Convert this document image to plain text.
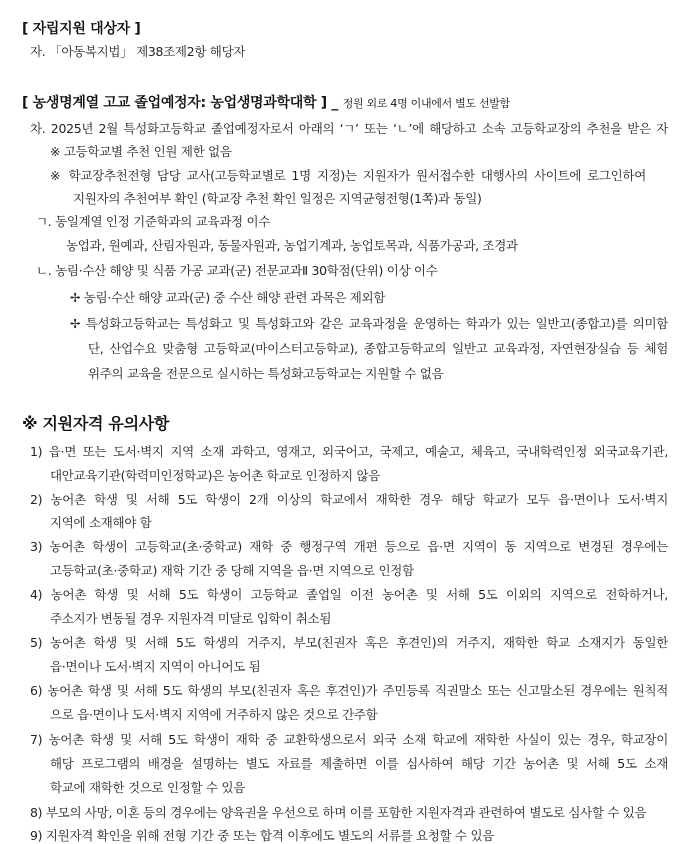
[ 자립지원 대상자 ]
자. 「아동복지법」 제38조제2항 해당자
[ 농생명계열 고교 졸업예정자: 농업생명과학대학 ] _ 정원 외로 4명 이내에서 별도 선발함
차. 2025년 2월 특성화고등학교 졸업예정자로서 아래의 ‘ㄱ’ 또는 ‘ㄴ’에 해당하고 소속 고등학교장의 추천을 받은 자
※ 고등학교별 추천 인원 제한 없음
※ 학교장추천전형 담당 교사(고등학교별로 1명 지정)는 지원자가 원서접수한 대행사의 사이트에 로그인하여
지원자의 추천여부 확인 (학교장 추천 확인 일정은 지역균형전형(1쪽)과 동일)
ㄱ. 동일계열 인정 기준학과의 교육과정 이수
농업과, 원예과, 산림자원과, 동물자원과, 농업기계과, 농업토목과, 식품가공과, 조경과
ㄴ. 농림·수산 해양 및 식품 가공 교과(군) 전문교과Ⅱ 30학점(단위) 이상 이수
✢ 농림·수산 해양 교과(군) 중 수산 해양 관련 과목은 제외함
✢ 특성화고등학교는 특성화고 및 특성화고와 같은 교육과정을 운영하는 학과가 있는 일반고(종합고)를 의미함
단, 산업수요 맞춤형 고등학교(마이스터고등학교), 종합고등학교의 일반고 교육과정, 자연현장실습 등 체험
위주의 교육을 전문으로 실시하는 특성화고등학교는 지원할 수 없음
※ 지원자격 유의사항
1) 읍·면 또는 도서·벽지 지역 소재 과학고, 영재고, 외국어고, 국제고, 예술고, 체육고, 국내학력인정 외국교육기관,
대안교육기관(학력미인정학교)은 농어촌 학교로 인정하지 않음
2) 농어촌 학생 및 서해 5도 학생이 2개 이상의 학교에서 재학한 경우 해당 학교가 모두 읍·면이나 도서·벽지
지역에 소재해야 함
3) 농어촌 학생이 고등학교(초·중학교) 재학 중 행정구역 개편 등으로 읍·면 지역이 동 지역으로 변경된 경우에는
고등학교(초·중학교) 재학 기간 중 당해 지역을 읍·면 지역으로 인정함
4) 농어촌 학생 및 서해 5도 학생이 고등학교 졸업일 이전 농어촌 및 서해 5도 이외의 지역으로 전학하거나,
주소지가 변동될 경우 지원자격 미달로 입학이 취소됨
5) 농어촌 학생 및 서해 5도 학생의 거주지, 부모(친권자 혹은 후견인)의 거주지, 재학한 학교 소재지가 동일한
읍·면이나 도서·벽지 지역이 아니어도 됨
6) 농어촌 학생 및 서해 5도 학생의 부모(친권자 혹은 후견인)가 주민등록 직권말소 또는 신고말소된 경우에는 원칙적
으로 읍·면이나 도서·벽지 지역에 거주하지 않은 것으로 간주함
7) 농어촌 학생 및 서해 5도 학생이 재학 중 교환학생으로서 외국 소재 학교에 재학한 사실이 있는 경우, 학교장이
해당 프로그램의 배경을 설명하는 별도 자료를 제출하면 이를 심사하여 해당 기간 농어촌 및 서해 5도 소재
학교에 재학한 것으로 인정할 수 있음
8) 부모의 사망, 이혼 등의 경우에는 양육권을 우선으로 하며 이를 포함한 지원자격과 관련하여 별도로 심사할 수 있음
9) 지원자격 확인을 위해 전형 기간 중 또는 합격 이후에도 별도의 서류를 요청할 수 있음
